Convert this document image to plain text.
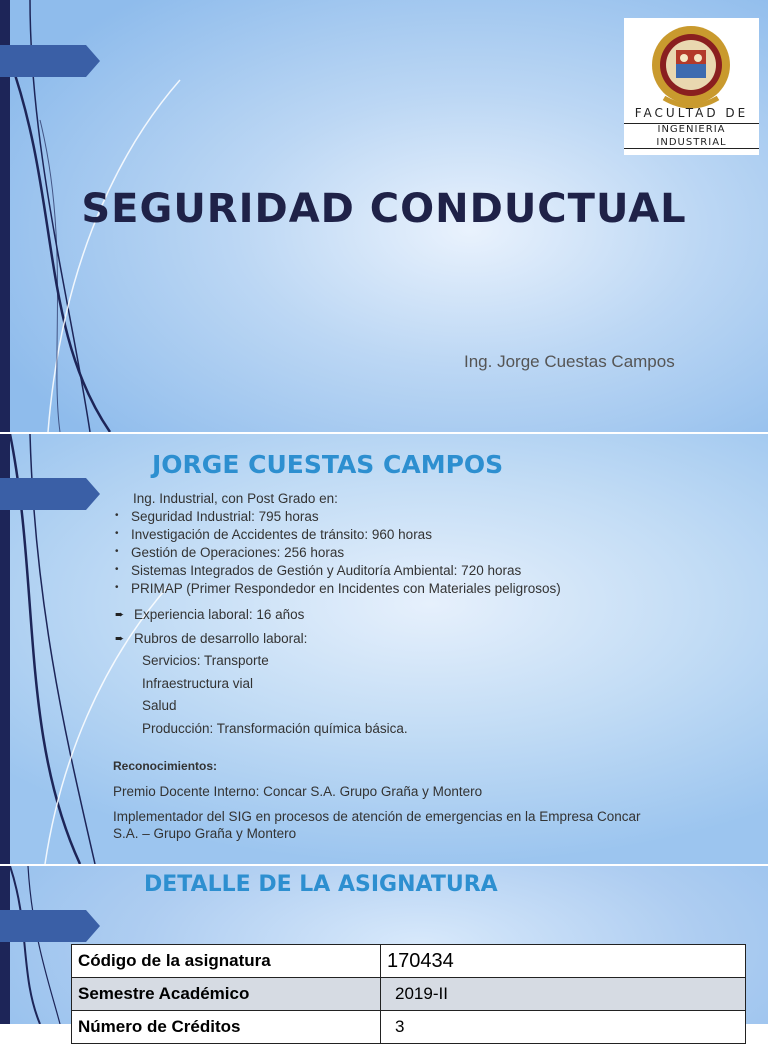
FACULTAD DE
INGENIERIA
INDUSTRIAL
SEGURIDAD CONDUCTUAL
Ing. Jorge Cuestas Campos
JORGE CUESTAS CAMPOS
Ing. Industrial, con Post Grado en:
• Seguridad Industrial: 795 horas
• Investigación de Accidentes de tránsito: 960 horas
• Gestión de Operaciones: 256 horas
• Sistemas Integrados de Gestión y Auditoría Ambiental: 720 horas
• PRIMAP (Primer Respondedor en Incidentes con Materiales peligrosos)
➨ Experiencia laboral: 16 años
➨ Rubros de desarrollo laboral:
Servicios: Transporte
Infraestructura vial
Salud
Producción: Transformación química básica.
Reconocimientos:
Premio Docente Interno: Concar S.A. Grupo Graña y Montero
Implementador del SIG en procesos de atención de emergencias en la Empresa Concar
S.A. – Grupo Graña y Montero
DETALLE DE LA ASIGNATURA
Código de la asignatura	170434
Semestre Académico	2019-II
Número de Créditos	3
